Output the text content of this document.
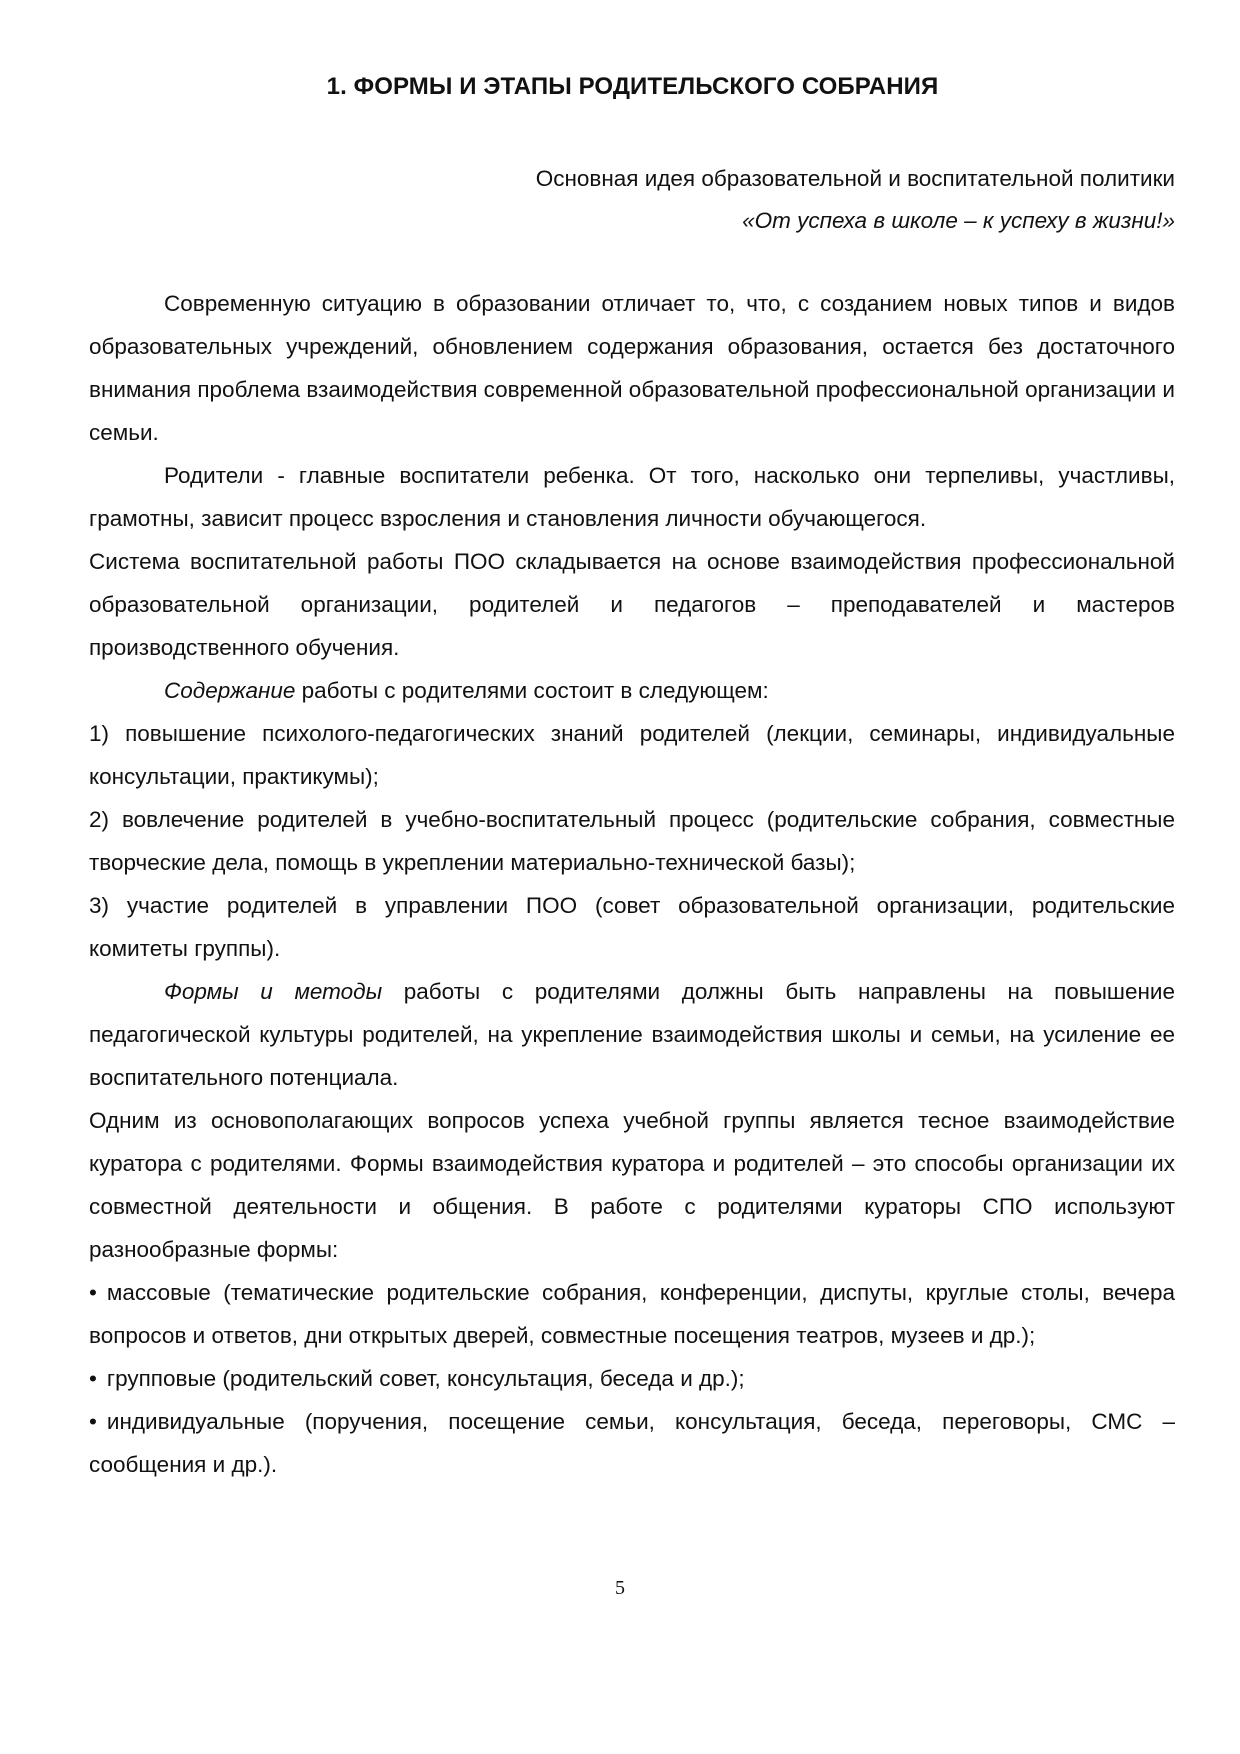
1. ФОРМЫ И ЭТАПЫ РОДИТЕЛЬСКОГО СОБРАНИЯ
Основная идея образовательной и воспитательной политики
«От успеха в школе – к успеху в жизни!»

Современную ситуацию в образовании отличает то, что, с созданием новых типов и видов образовательных учреждений, обновлением содержания образования, остается без достаточного внимания проблема взаимодействия современной образовательной профессиональной организации и семьи.

Родители - главные воспитатели ребенка. От того, насколько они терпеливы, участливы, грамотны, зависит процесс взросления и становления личности обучающегося.

Система воспитательной работы ПОО складывается на основе взаимодействия профессиональной образовательной организации, родителей и педагогов – преподавателей и мастеров производственного обучения.

Содержание работы с родителями состоит в следующем:

1) повышение психолого-педагогических знаний родителей (лекции, семинары, индивидуальные консультации, практикумы);

2) вовлечение родителей в учебно-воспитательный процесс (родительские собрания, совместные творческие дела, помощь в укреплении материально-технической базы);

3) участие родителей в управлении ПОО (совет образовательной организации, родительские комитеты группы).

Формы и методы работы с родителями должны быть направлены на повышение педагогической культуры родителей, на укрепление взаимодействия школы и семьи, на усиление ее воспитательного потенциала.

Одним из основополагающих вопросов успеха учебной группы является тесное взаимодействие куратора с родителями. Формы взаимодействия куратора и родителей – это способы организации их совместной деятельности и общения. В работе с родителями кураторы СПО используют разнообразные формы:

• массовые (тематические родительские собрания, конференции, диспуты, круглые столы, вечера вопросов и ответов, дни открытых дверей, совместные посещения театров, музеев и др.);
• групповые (родительский совет, консультация, беседа и др.);
• индивидуальные (поручения, посещение семьи, консультация, беседа, переговоры, СМС – сообщения и др.).
5
